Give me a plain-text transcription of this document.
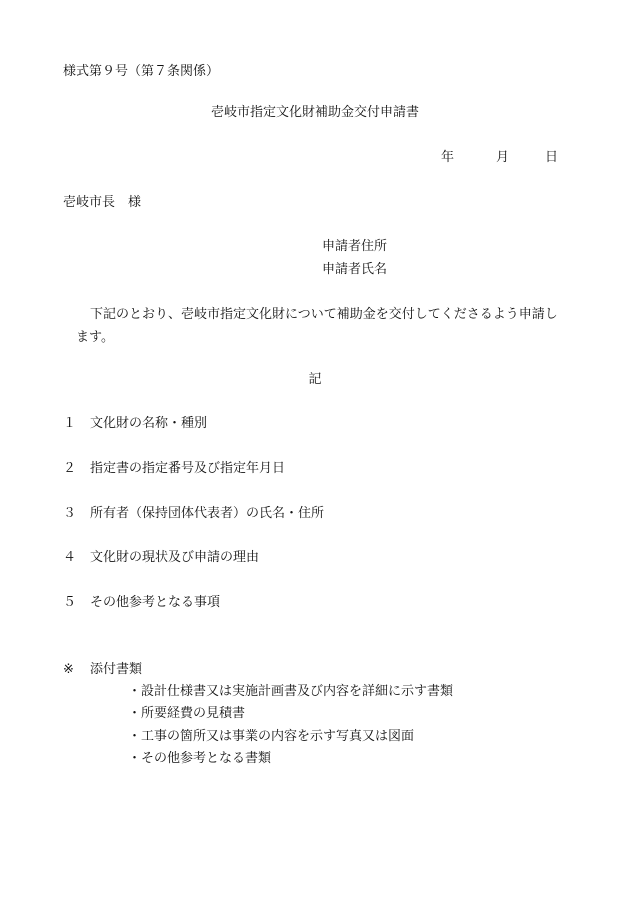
様式第９号（第７条関係）
壱岐市指定文化財補助金交付申請書
年	月	日
壱岐市長　様
申請者住所
申請者氏名
下記のとおり、壱岐市指定文化財について補助金を交付してくださるよう申請します。
記
１ 文化財の名称・種別
２ 指定書の指定番号及び指定年月日
３ 所有者（保持団体代表者）の氏名・住所
４ 文化財の現状及び申請の理由
５ その他参考となる事項
※ 添付書類
・設計仕様書又は実施計画書及び内容を詳細に示す書類
・所要経費の見積書
・工事の箇所又は事業の内容を示す写真又は図面
・その他参考となる書類
